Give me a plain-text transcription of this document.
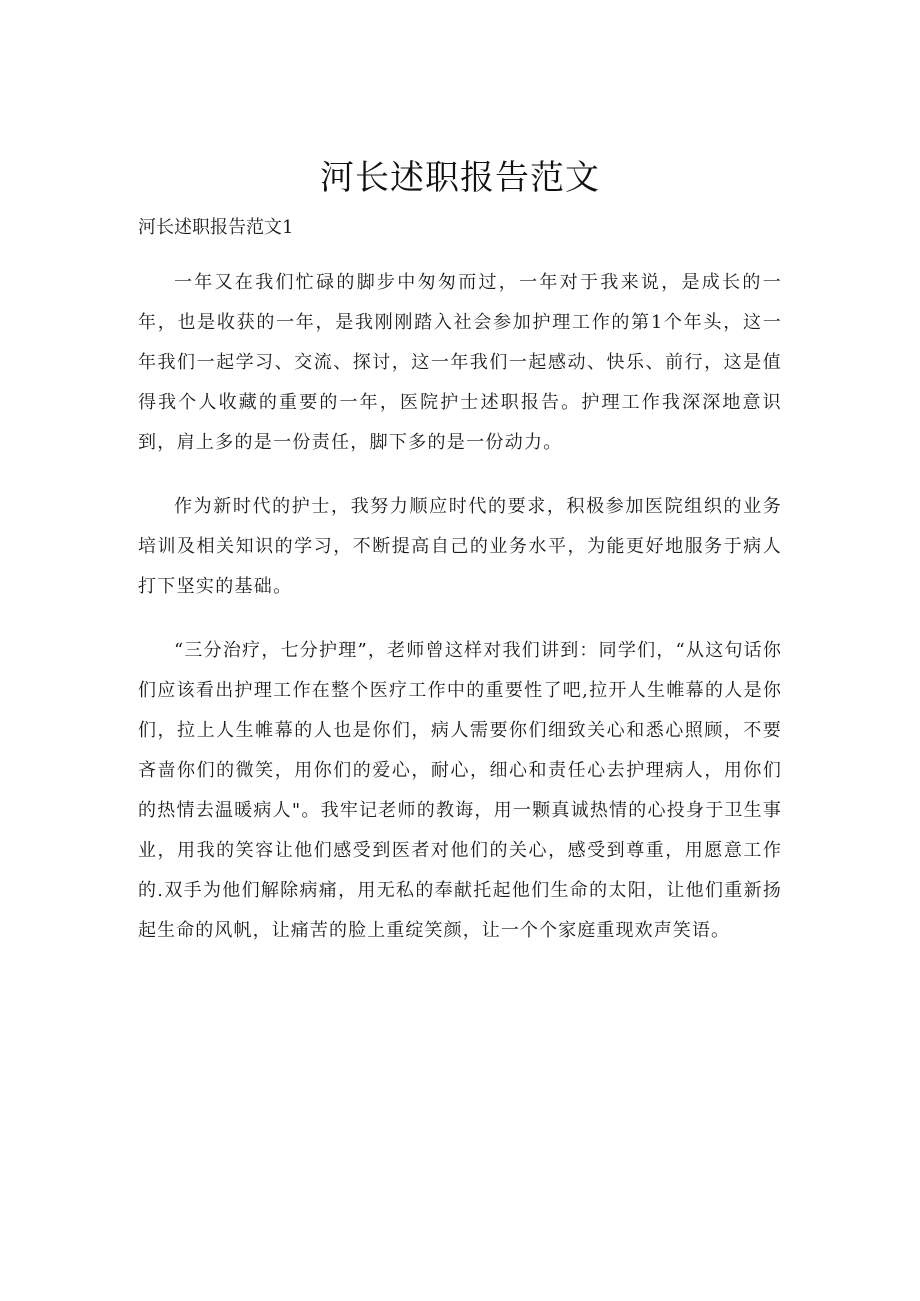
河长述职报告范文

河长述职报告范文1

一年又在我们忙碌的脚步中匆匆而过，一年对于我来说，是成长的一年，也是收获的一年，是我刚刚踏入社会参加护理工作的第1个年头，这一年我们一起学习、交流、探讨，这一年我们一起感动、快乐、前行，这是值得我个人收藏的重要的一年，医院护士述职报告。护理工作我深深地意识到，肩上多的是一份责任，脚下多的是一份动力。

作为新时代的护士，我努力顺应时代的要求，积极参加医院组织的业务培训及相关知识的学习，不断提高自己的业务水平，为能更好地服务于病人打下坚实的基础。

“三分治疗，七分护理”，老师曾这样对我们讲到：同学们，“从这句话你们应该看出护理工作在整个医疗工作中的重要性了吧,拉开人生帷幕的人是你们，拉上人生帷幕的人也是你们，病人需要你们细致关心和悉心照顾，不要吝啬你们的微笑，用你们的爱心，耐心，细心和责任心去护理病人，用你们的热情去温暖病人"。我牢记老师的教诲，用一颗真诚热情的心投身于卫生事业，用我的笑容让他们感受到医者对他们的关心，感受到尊重，用愿意工作的.双手为他们解除病痛，用无私的奉献托起他们生命的太阳，让他们重新扬起生命的风帆，让痛苦的脸上重绽笑颜，让一个个家庭重现欢声笑语。
